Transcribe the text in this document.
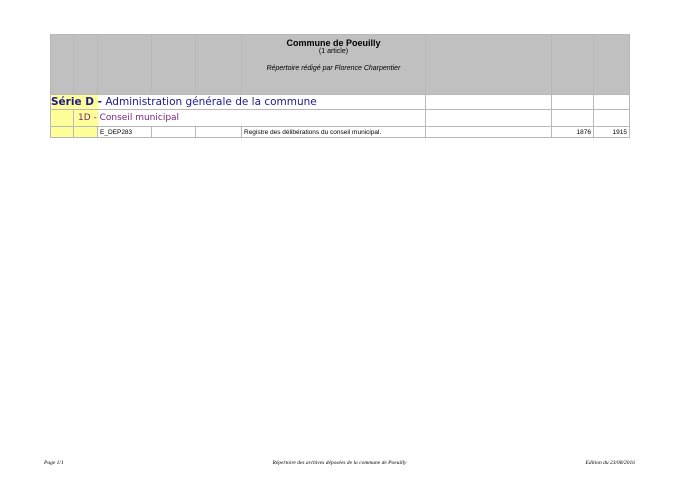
					Commune de Poeuilly
(1 article)
Répertoire rédigé par Florence Charpentier			

Série D - Administration générale de la commune								
	1D - Conseil municipal							
		E_DEP283			Registre des délibérations du conseil municipal.		1876	1915
Page 1/1	Répertoire des archives déposées de la commune de Poeuilly	Edition du 23/08/2016
